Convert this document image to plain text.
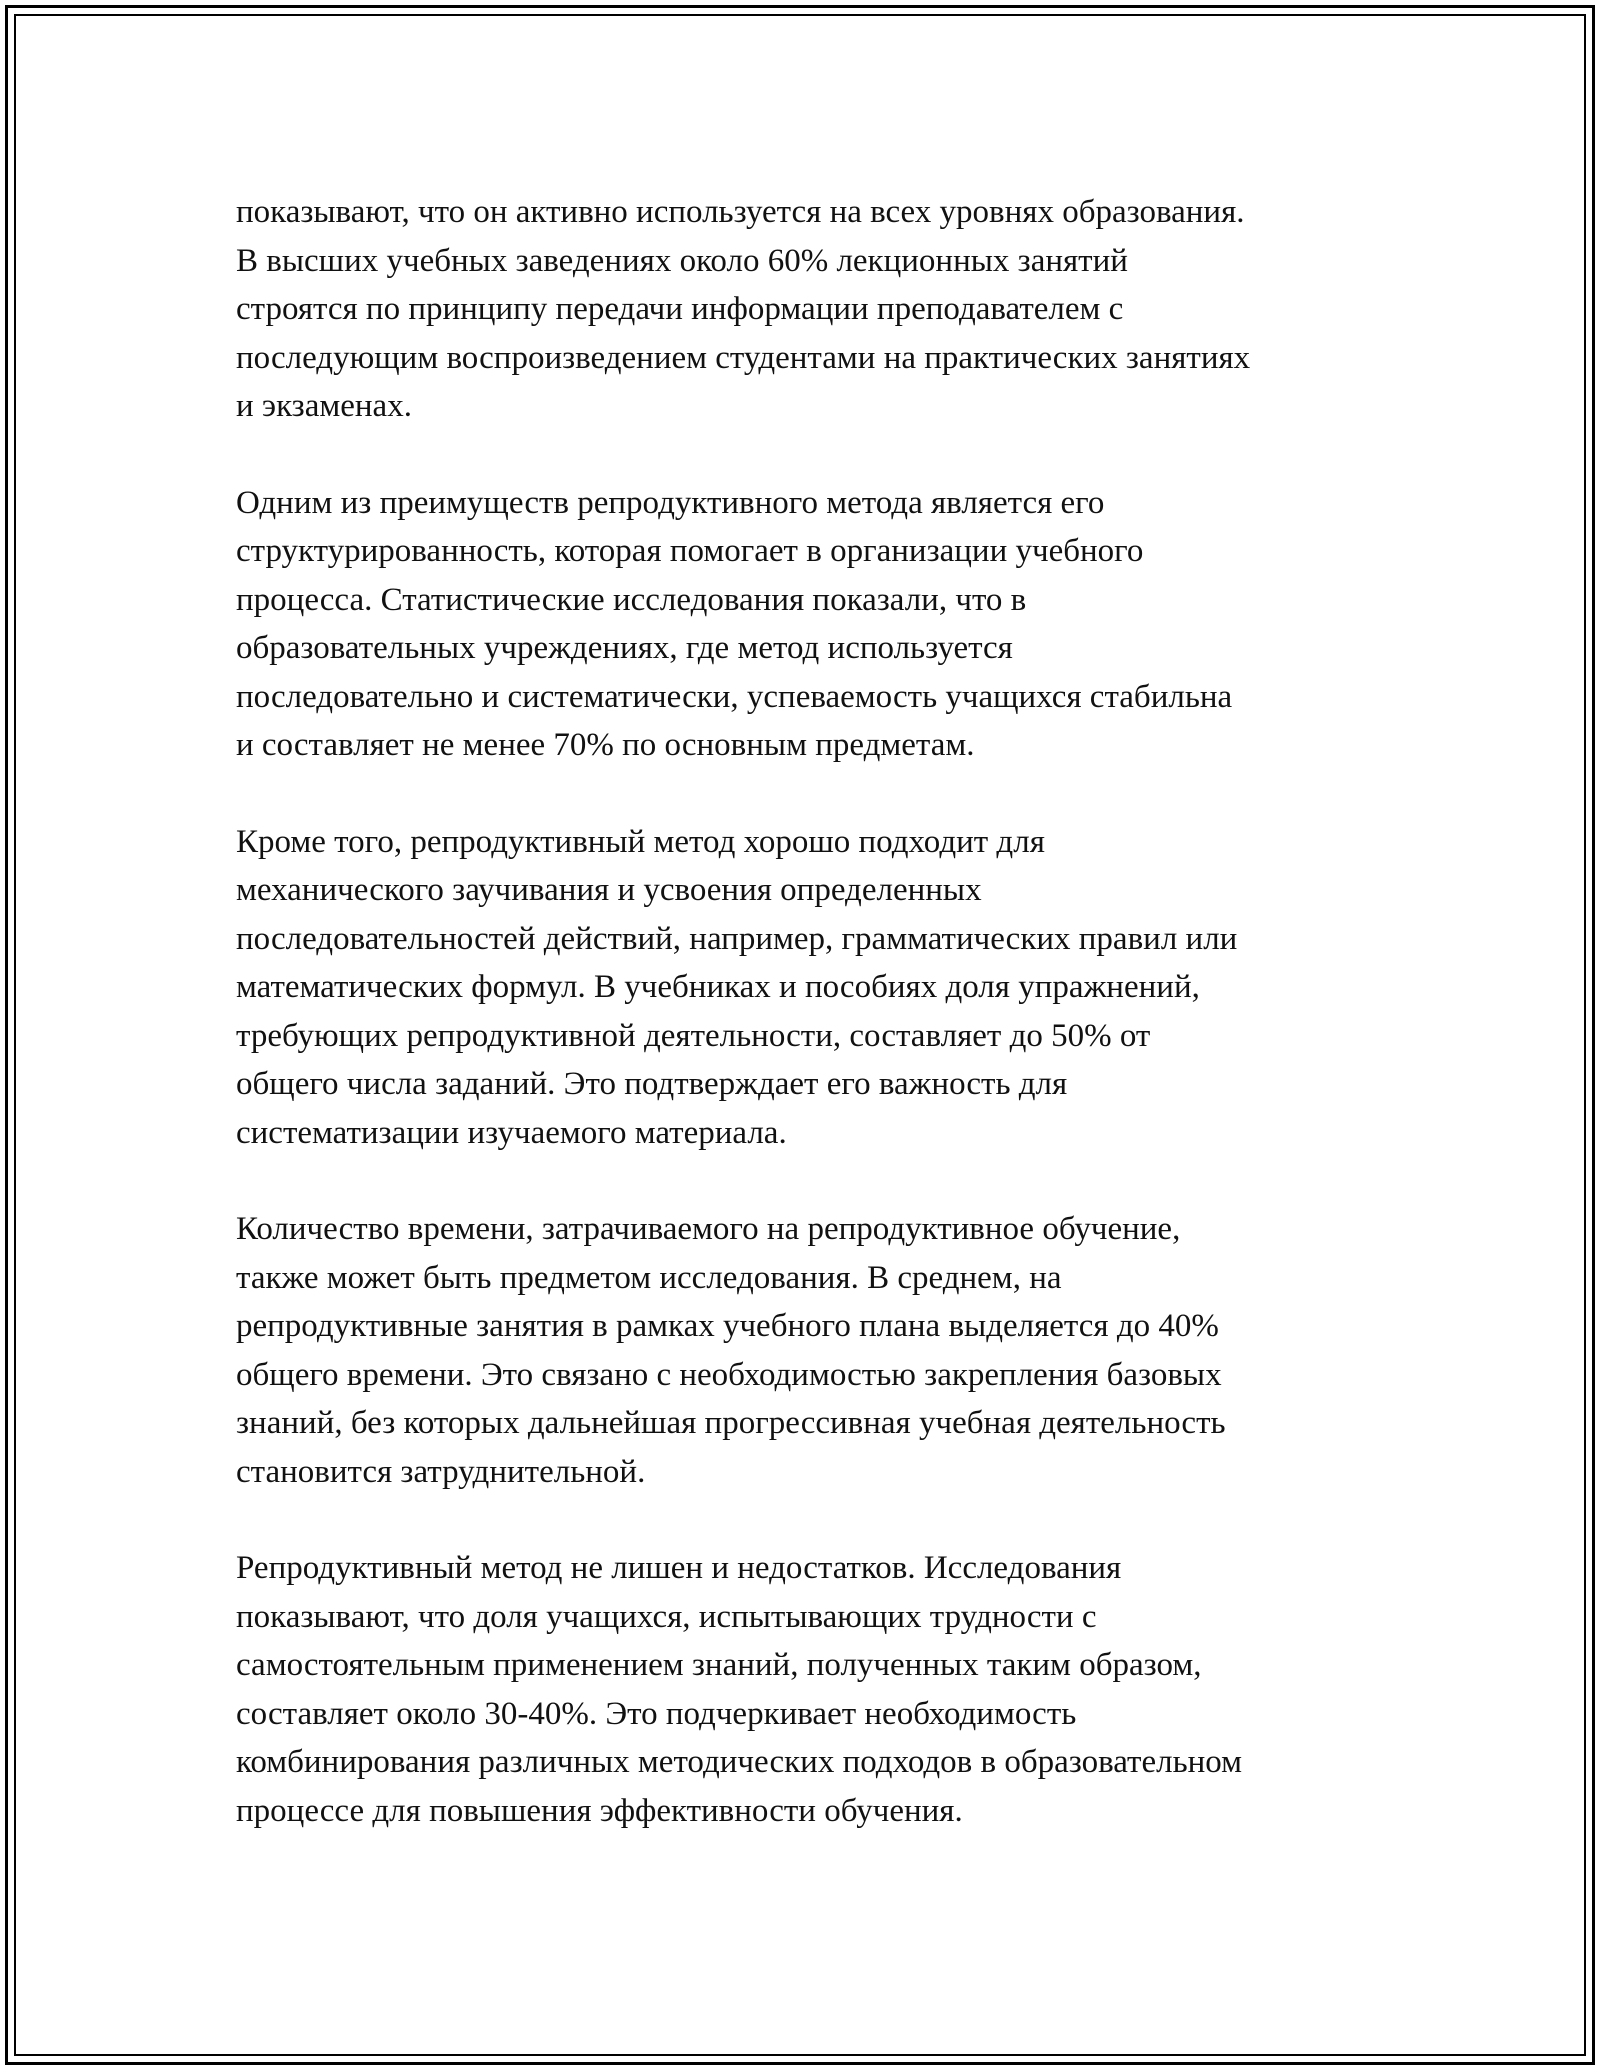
показывают, что он активно используется на всех уровнях образования.
В высших учебных заведениях около 60% лекционных занятий
строятся по принципу передачи информации преподавателем с
последующим воспроизведением студентами на практических занятиях
и экзаменах.

Одним из преимуществ репродуктивного метода является его
структурированность, которая помогает в организации учебного
процесса. Статистические исследования показали, что в
образовательных учреждениях, где метод используется
последовательно и систематически, успеваемость учащихся стабильна
и составляет не менее 70% по основным предметам.

Кроме того, репродуктивный метод хорошо подходит для
механического заучивания и усвоения определенных
последовательностей действий, например, грамматических правил или
математических формул. В учебниках и пособиях доля упражнений,
требующих репродуктивной деятельности, составляет до 50% от
общего числа заданий. Это подтверждает его важность для
систематизации изучаемого материала.

Количество времени, затрачиваемого на репродуктивное обучение,
также может быть предметом исследования. В среднем, на
репродуктивные занятия в рамках учебного плана выделяется до 40%
общего времени. Это связано с необходимостью закрепления базовых
знаний, без которых дальнейшая прогрессивная учебная деятельность
становится затруднительной.

Репродуктивный метод не лишен и недостатков. Исследования
показывают, что доля учащихся, испытывающих трудности с
самостоятельным применением знаний, полученных таким образом,
составляет около 30-40%. Это подчеркивает необходимость
комбинирования различных методических подходов в образовательном
процессе для повышения эффективности обучения.
